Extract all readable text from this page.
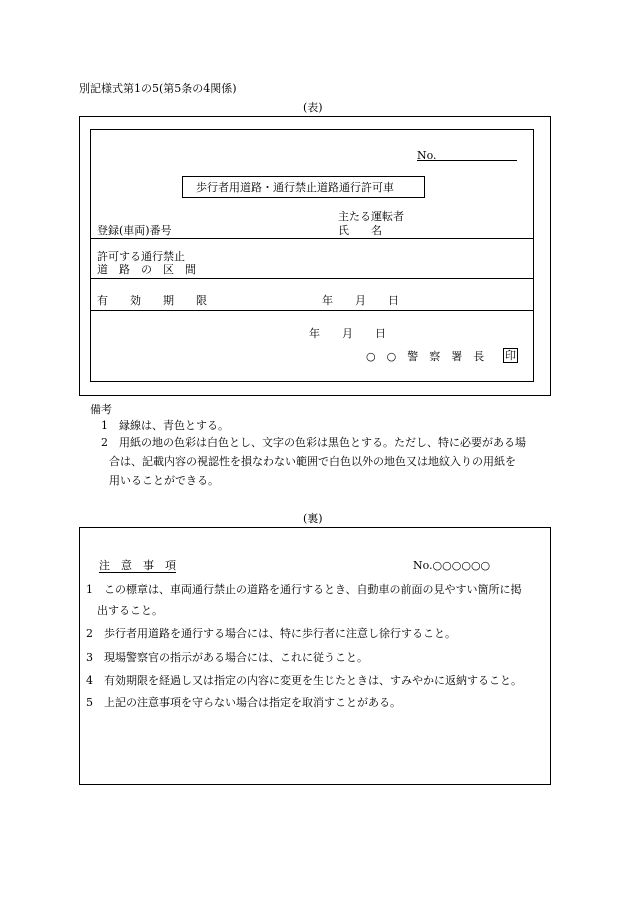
別記様式第1の5(第5条の4関係)
(表)
No.
歩行者用道路・通行禁止道路通行許可車
主たる運転者
登録(車両)番号	氏　　名
許可する通行禁止
道　路　の　区　間
有　　効　　期　　限	年　　月　　日
年　　月　　日
○　○　警　察　署　長 印
備考
1　縁線は、青色とする。
2　用紙の地の色彩は白色とし、文字の色彩は黒色とする。ただし、特に必要がある場
合は、記載内容の視認性を損なわない範囲で白色以外の地色又は地紋入りの用紙を
用いることができる。
(裏)
注　意　事　項	No.○○○○○○
1　この標章は、車両通行禁止の道路を通行するとき、自動車の前面の見やすい箇所に掲
出すること。
2　歩行者用道路を通行する場合には、特に歩行者に注意し徐行すること。
3　現場警察官の指示がある場合には、これに従うこと。
4　有効期限を経過し又は指定の内容に変更を生じたときは、すみやかに返納すること。
5　上記の注意事項を守らない場合は指定を取消すことがある。
